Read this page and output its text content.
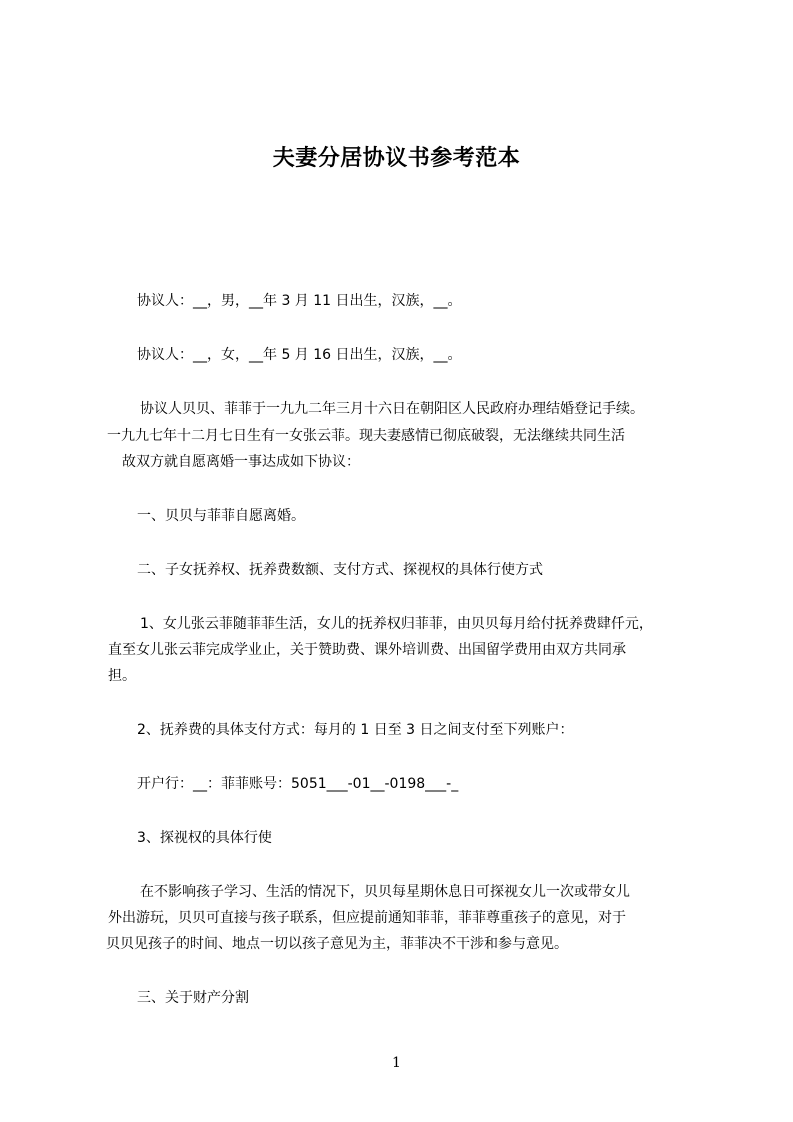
夫妻分居协议书参考范本
协议人：__，男，__年 3 月 11 日出生，汉族，__。
协议人：__，女，__年 5 月 16 日出生，汉族，__。
协议人贝贝、菲菲于一九九二年三月十六日在朝阳区人民政府办理结婚登记手续。
一九九七年十二月七日生有一女张云菲。现夫妻感情已彻底破裂，无法继续共同生活
故双方就自愿离婚一事达成如下协议：
一、贝贝与菲菲自愿离婚。
二、子女抚养权、抚养费数额、支付方式、探视权的具体行使方式
1、女儿张云菲随菲菲生活，女儿的抚养权归菲菲，由贝贝每月给付抚养费肆仟元，
直至女儿张云菲完成学业止，关于赞助费、课外培训费、出国留学费用由双方共同承
担。
2、抚养费的具体支付方式：每月的 1 日至 3 日之间支付至下列账户：
开户行：__：菲菲账号：5051___-01__-0198___-_
3、探视权的具体行使
在不影响孩子学习、生活的情况下，贝贝每星期休息日可探视女儿一次或带女儿
外出游玩，贝贝可直接与孩子联系，但应提前通知菲菲，菲菲尊重孩子的意见，对于
贝贝见孩子的时间、地点一切以孩子意见为主，菲菲决不干涉和参与意见。
三、关于财产分割
1
